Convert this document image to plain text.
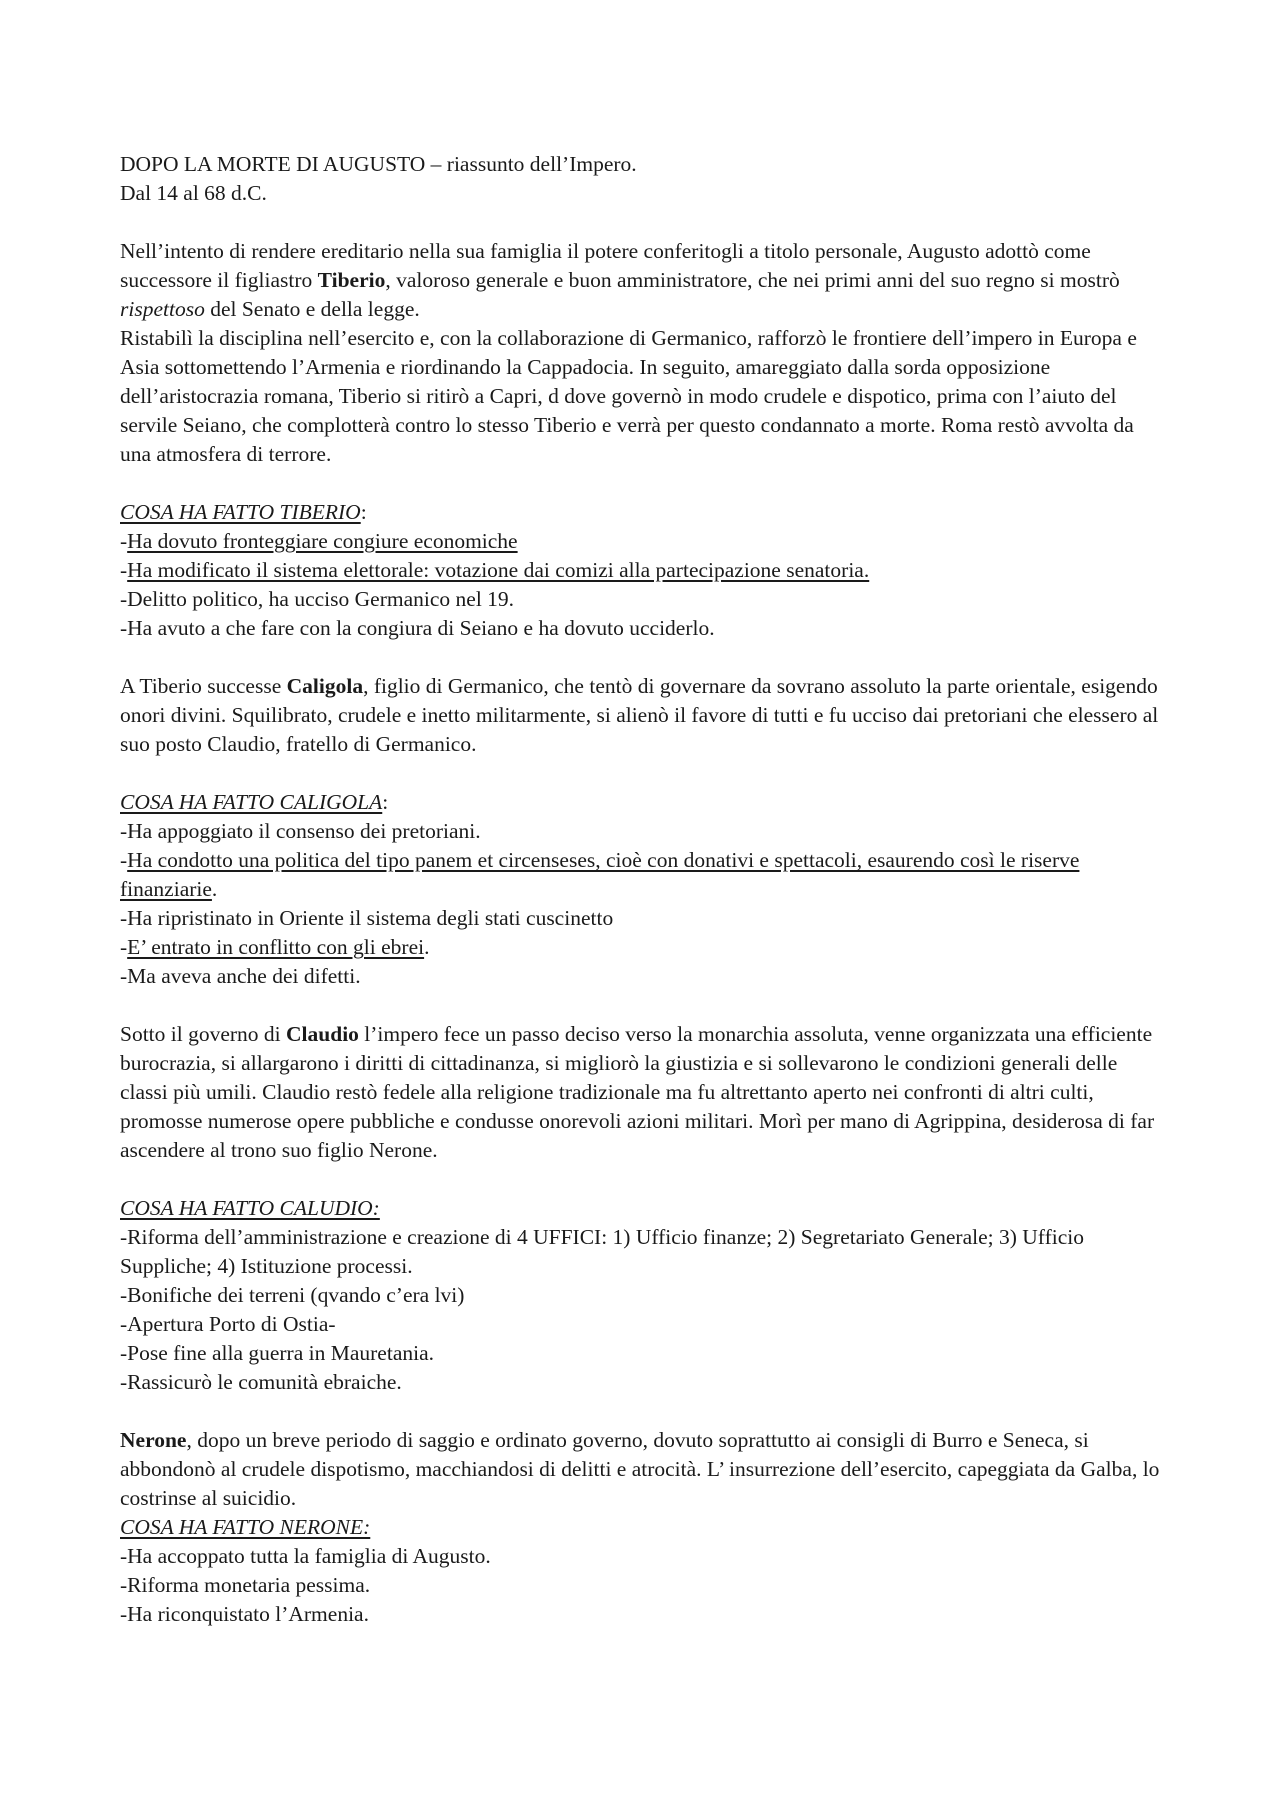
DOPO LA MORTE DI AUGUSTO – riassunto dell’Impero.
Dal 14 al 68 d.C.
Nell’intento di rendere ereditario nella sua famiglia il potere conferitogli a titolo personale, Augusto adottò come successore il figliastro Tiberio, valoroso generale e buon amministratore, che nei primi anni del suo regno si mostrò rispettoso del Senato e della legge.
Ristabilì la disciplina nell’esercito e, con la collaborazione di Germanico, rafforzò le frontiere dell’impero in Europa e Asia sottomettendo l’Armenia e riordinando la Cappadocia. In seguito, amareggiato dalla sorda opposizione dell’aristocrazia romana, Tiberio si ritirò a Capri, d dove governò in modo crudele e dispotico, prima con l’aiuto del servile Seiano, che complotterà contro lo stesso Tiberio e verrà per questo condannato a morte. Roma restò avvolta da una atmosfera di terrore.
COSA HA FATTO TIBERIO:
-Ha dovuto fronteggiare congiure economiche
-Ha modificato il sistema elettorale: votazione dai comizi alla partecipazione senatoria.
-Delitto politico, ha ucciso Germanico nel 19.
-Ha avuto a che fare con la congiura di Seiano e ha dovuto ucciderlo.
A Tiberio successe Caligola, figlio di Germanico, che tentò di governare da sovrano assoluto la parte orientale, esigendo onori divini. Squilibrato, crudele e inetto militarmente, si alienò il favore di tutti e fu ucciso dai pretoriani che elessero al suo posto Claudio, fratello di Germanico.
COSA HA FATTO CALIGOLA:
-Ha appoggiato il consenso dei pretoriani.
-Ha condotto una politica del tipo panem et circenseses, cioè con donativi e spettacoli, esaurendo così le riserve finanziarie.
-Ha ripristinato in Oriente il sistema degli stati cuscinetto
-E’ entrato in conflitto con gli ebrei.
-Ma aveva anche dei difetti.
Sotto il governo di Claudio l’impero fece un passo deciso verso la monarchia assoluta, venne organizzata una efficiente burocrazia, si allargarono i diritti di cittadinanza, si migliorò la giustizia e si sollevarono le condizioni generali delle classi più umili. Claudio restò fedele alla religione tradizionale ma fu altrettanto aperto nei confronti di altri culti, promosse numerose opere pubbliche e condusse onorevoli azioni militari. Morì per mano di Agrippina, desiderosa di far ascendere al trono suo figlio Nerone.
COSA HA FATTO CALUDIO:
-Riforma dell’amministrazione e creazione di 4 UFFICI: 1) Ufficio finanze; 2) Segretariato Generale; 3) Ufficio Suppliche; 4) Istituzione processi.
-Bonifiche dei terreni (qvando c’era lvi)
-Apertura Porto di Ostia-
-Pose fine alla guerra in Mauretania.
-Rassicurò le comunità ebraiche.
Nerone, dopo un breve periodo di saggio e ordinato governo, dovuto soprattutto ai consigli di Burro e Seneca, si abbondonò al crudele dispotismo, macchiandosi di delitti e atrocità. L’ insurrezione dell’esercito, capeggiata da Galba, lo costrinse al suicidio.
COSA HA FATTO NERONE:
-Ha accoppato tutta la famiglia di Augusto.
-Riforma monetaria pessima.
-Ha riconquistato l’Armenia.
